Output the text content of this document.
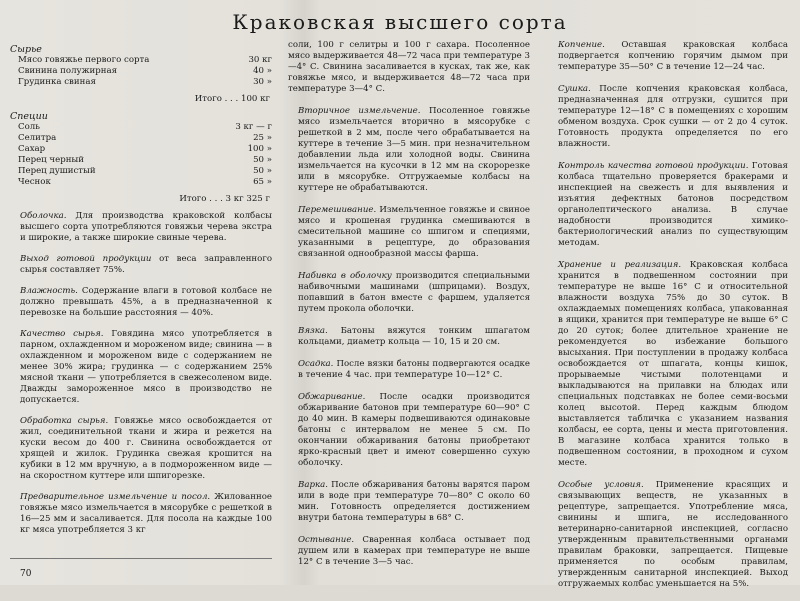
Краковская высшего сорта
Сырье
Мясо говяжье первого сорта	30 кг
Свинина полужирная	40 »
Грудинка свиная	30 »
Итого . . . 100 кг
Специи
Соль	3 кг — г
Селитра	25 »
Сахар	100 »
Перец черный	50 »
Перец душистый	50 »
Чеснок	65 »
Итого . . . 3 кг 325 г

Оболочка. Для производства краковской колбасы высшего сорта употребляются говяжьи черева экстра и широкие, а также широкие свиные черева.

Выход готовой продукции от веса заправленного сырья составляет 75%.

Влажность. Содержание влаги в готовой колбасе не должно превышать 45%, а в предназначенной к перевозке на большие расстояния — 40%.

Качество сырья. Говядина мясо употребляется в парном, охлажденном и мороженом виде; свинина — в охлажденном и мороженом виде с содержанием не менее 30% жира; грудинка — с содержанием 25% мясной ткани — употребляется в свежесоленом виде. Дважды замороженное мясо в производство не допускается.

Обработка сырья. Говяжье мясо освобождается от жил, соединительной ткани и жира и режется на куски весом до 400 г. Свинина освобождается от хрящей и жилок. Грудинка свежая крошится на кубики в 12 мм вручную, а в подмороженном виде — на скоростном куттере или шпигорезке.

Предварительное измельчение и посол. Жилованное говяжье мясо измельчается в мясорубке с решеткой в 16—25 мм и засаливается. Для посола на каждые 100 кг мяса употребляется 3 кг

соли, 100 г селитры и 100 г сахара. Посоленное мясо выдерживается 48—72 часа при температуре 3—4° С. Свинина засаливается в кусках, так же, как говяжье мясо, и выдерживается 48—72 часа при температуре 3—4° С.

Вторичное измельчение. Посоленное говяжье мясо измельчается вторично в мясорубке с решеткой в 2 мм, после чего обрабатывается на куттере в течение 3—5 мин. при незначительном добавлении льда или холодной воды. Свинина измельчается на кусочки в 12 мм на скорорезке или в мясорубке. Отгружаемые колбасы на куттере не обрабатываются.

Перемешивание. Измельченное говяжье и свиное мясо и крошеная грудинка смешиваются в смесительной машине со шпигом и специями, указанными в рецептуре, до образования связанной однообразной массы фарша.

Набивка в оболочку производится специальными набивочными машинами (шприцами). Воздух, попавший в батон вместе с фаршем, удаляется путем прокола оболочки.

Вязка. Батоны вяжутся тонким шпагатом кольцами, диаметр кольца — 10, 15 и 20 см.

Осадка. После вязки батоны подвергаются осадке в течение 4 час. при температуре 10—12° С.

Обжаривание. После осадки производится обжаривание батонов при температуре 60—90° С до 40 мин. В камеры подвешиваются одинаковые батоны с интервалом не менее 5 см. По окончании обжаривания батоны приобретают ярко-красный цвет и имеют совершенно сухую оболочку.

Варка. После обжаривания батоны варятся паром или в воде при температуре 70—80° С около 60 мин. Готовность определяется достижением внутри батона температуры в 68° С.

Остывание. Сваренная колбаса остывает под душем или в камерах при температуре не выше 12° С в течение 3—5 час.

Копчение. Оставшая краковская колбаса подвергается копчению горячим дымом при температуре 35—50° С в течение 12—24 час.

Сушка. После копчения краковская колбаса, предназначенная для отгрузки, сушится при температуре 12—18° С в помещениях с хорошим обменом воздуха. Срок сушки — от 2 до 4 суток. Готовность продукта определяется по его влажности.

Контроль качества готовой продукции. Готовая колбаса тщательно проверяется бракерами и инспекцией на свежесть и для выявления и изъятия дефектных батонов посредством органолептического анализа. В случае надобности производится химико-бактериологический анализ по существующим методам.

Хранение и реализация. Краковская колбаса хранится в подвешенном состоянии при температуре не выше 16° С и относительной влажности воздуха 75% до 30 суток. В охлаждаемых помещениях колбаса, упакованная в ящики, хранится при температуре не выше 6° С до 20 суток; более длительное хранение не рекомендуется во избежание большого высыхания. При поступлении в продажу колбаса освобождается от шпагата, концы кишок, прорываемые чистыми полотенцами и выкладываются на прилавки на блюдах или специальных подставках не более семи-восьми колец высотой. Перед каждым блюдом выставляется табличка с указанием названия колбасы, ее сорта, цены и места приготовления. В магазине колбаса хранится только в подвешенном состоянии, в проходном и сухом месте.

Особые условия. Применение красящих и связывающих веществ, не указанных в рецептуре, запрещается. Употребление мяса, свинины и шпига, не исследованного ветеринарно-санитарной инспекцией, согласно утвержденным правительственными органами правилам браковки, запрещается. Пищевые применяется по особым правилам, утвержденным санитарной инспекцией. Выход отгружаемых колбас уменьшается на 5%.

70
